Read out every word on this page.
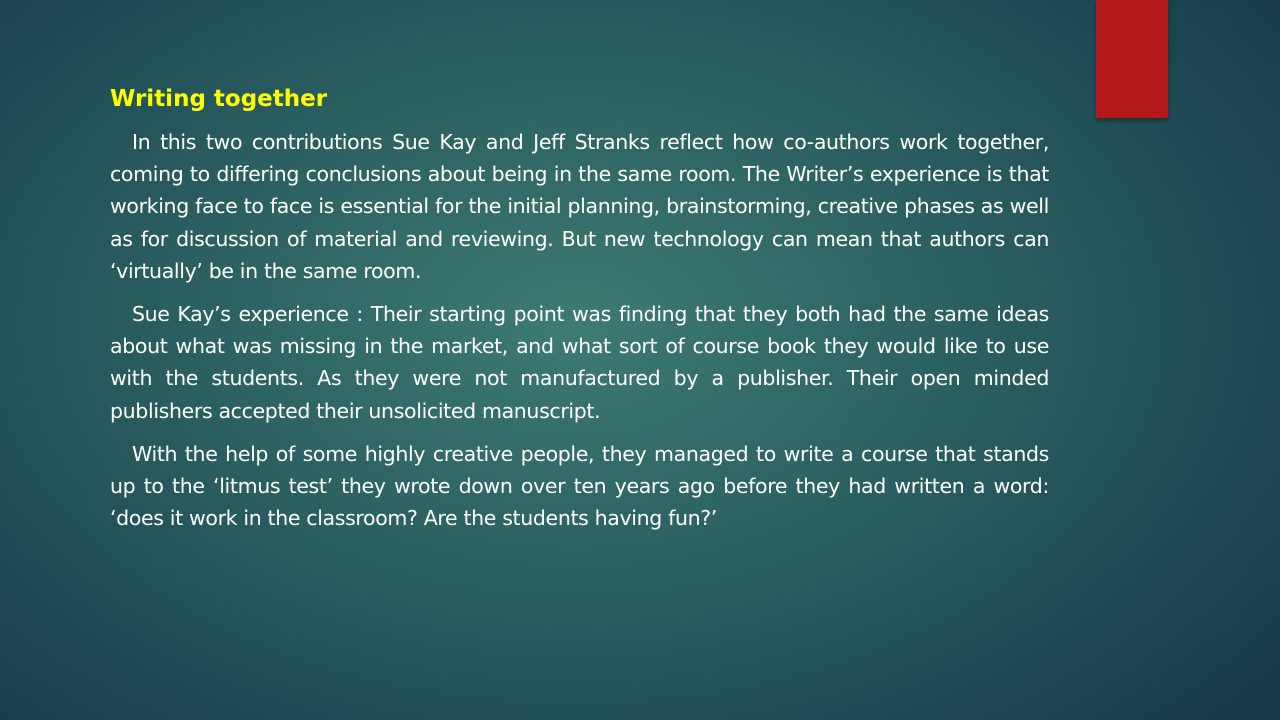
Writing together

In this two contributions Sue Kay and Jeff Stranks reflect how co-authors work together, coming to differing conclusions about being in the same room. The Writer’s experience is that working face to face is essential for the initial planning, brainstorming, creative phases as well as for discussion of material and reviewing. But new technology can mean that authors can ‘virtually’ be in the same room.

Sue Kay’s experience : Their starting point was finding that they both had the same ideas about what was missing in the market, and what sort of course book they would like to use with the students. As they were not manufactured by a publisher. Their open minded publishers accepted their unsolicited manuscript.

With the help of some highly creative people, they managed to write a course that stands up to the ‘litmus test’ they wrote down over ten years ago before they had written a word: ‘does it work in the classroom? Are the students having fun?’
